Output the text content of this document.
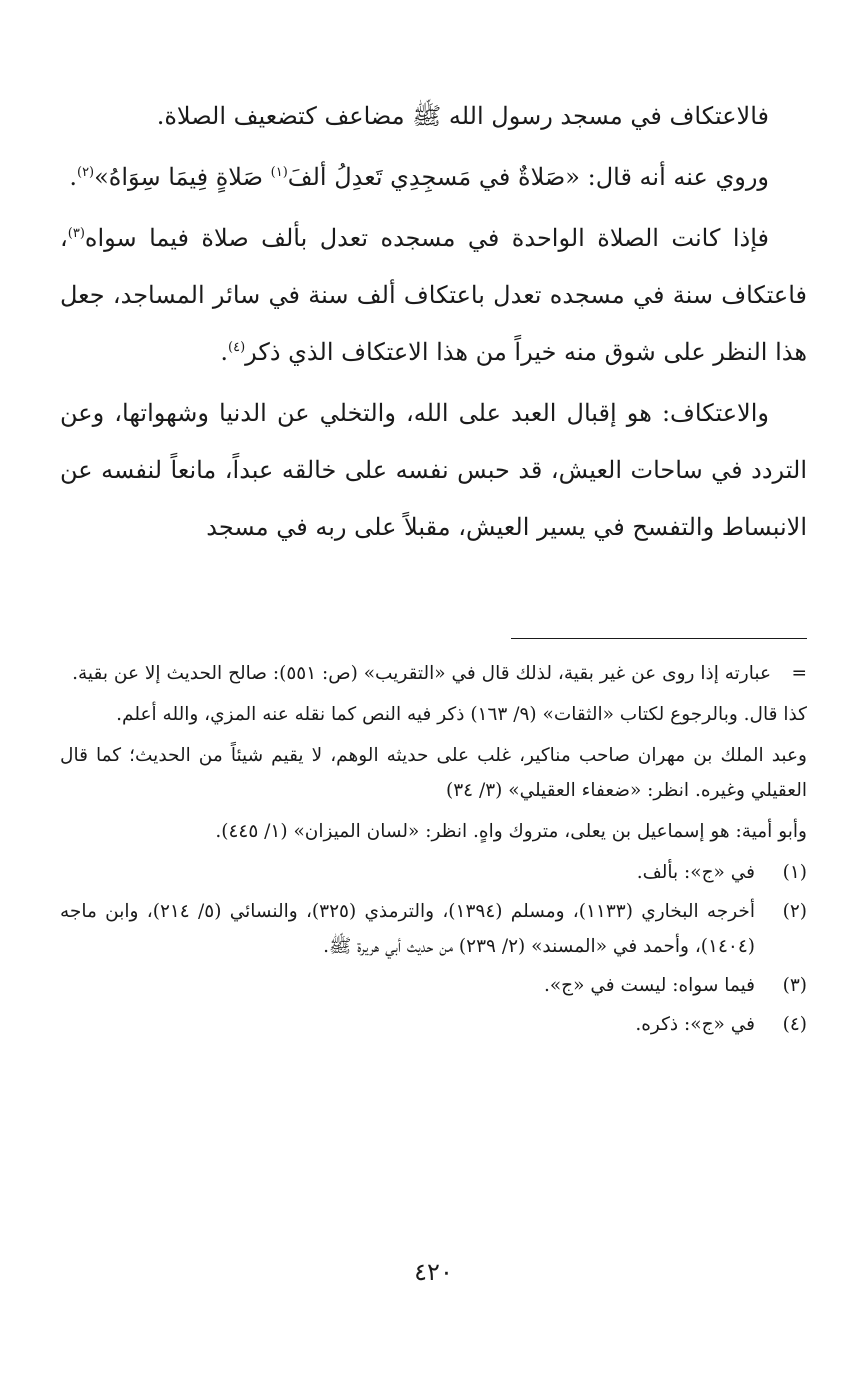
فالاعتكاف في مسجد رسول الله ﷺ مضاعف كتضعيف الصلاة.

وروي عنه أنه قال: «صَلاةٌ في مَسجِدِي تَعدِلُ ألفَ$^{(١)}$ صَلاةٍ فِيمَا سِوَاهُ»$^{(٢)}$.

فإذا كانت الصلاة الواحدة في مسجده تعدل بألف صلاة فيما سواه$^{(٣)}$، فاعتكاف سنة في مسجده تعدل باعتكاف ألف سنة في سائر المساجد، جعل هذا النظر على شوق منه خيراً من هذا الاعتكاف الذي ذكر$^{(٤)}$.

والاعتكاف: هو إقبال العبد على الله، والتخلي عن الدنيا وشهواتها، وعن التردد في ساحات العيش، قد حبس نفسه على خالقه عبداً، مانعاً لنفسه عن الانبساط والتفسح في يسير العيش، مقبلاً على ربه في مسجد

=
عبارته إذا روى عن غير بقية، لذلك قال في «التقريب» (ص: ٥٥١): صالح الحديث إلا عن بقية.
كذا قال. وبالرجوع لكتاب «الثقات» (٩/ ١٦٣) ذكر فيه النص كما نقله عنه المزي، والله أعلم.
وعبد الملك بن مهران صاحب مناكير، غلب على حديثه الوهم، لا يقيم شيئاً من الحديث؛ كما قال العقيلي وغيره. انظر: «ضعفاء العقيلي» (٣/ ٣٤)
وأبو أمية: هو إسماعيل بن يعلى، متروك واهٍ. انظر: «لسان الميزان» (١/ ٤٤٥).
(١)
في «ج»: بألف.
(٢)
أخرجه البخاري (١١٣٣)، ومسلم (١٣٩٤)، والترمذي (٣٢٥)، والنسائي (٥/ ٢١٤)، وابن ماجه (١٤٠٤)، وأحمد في «المسند» (٢/ ٢٣٩) من حديث أبي هريرة ﷺ.
(٣)
فيما سواه: ليست في «ج».
(٤)
في «ج»: ذكره.
٤٢٠
